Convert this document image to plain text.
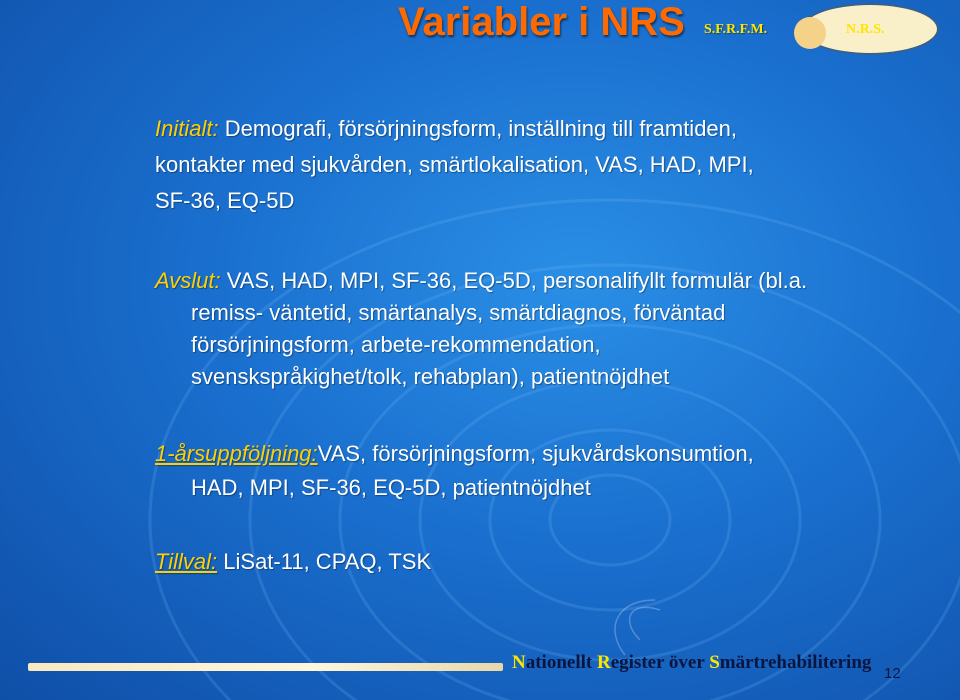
Variabler i NRS S.F.R.F.M.	N.R.S.
Initialt: Demografi, försörjningsform, inställning till framtiden,
kontakter med sjukvården, smärtlokalisation, VAS, HAD, MPI,
SF-36, EQ-5D
Avslut: VAS, HAD, MPI, SF-36, EQ-5D, personalifyllt formulär (bl.a.
remiss- väntetid, smärtanalys, smärtdiagnos, förväntad
försörjningsform, arbete-rekommendation,
svenskspråkighet/tolk, rehabplan), patientnöjdhet
1-årsuppföljning:VAS, försörjningsform, sjukvårdskonsumtion,
HAD, MPI, SF-36, EQ-5D, patientnöjdhet
Tillval: LiSat-11, CPAQ, TSK
Nationellt Register över Smärtrehabilitering
12
